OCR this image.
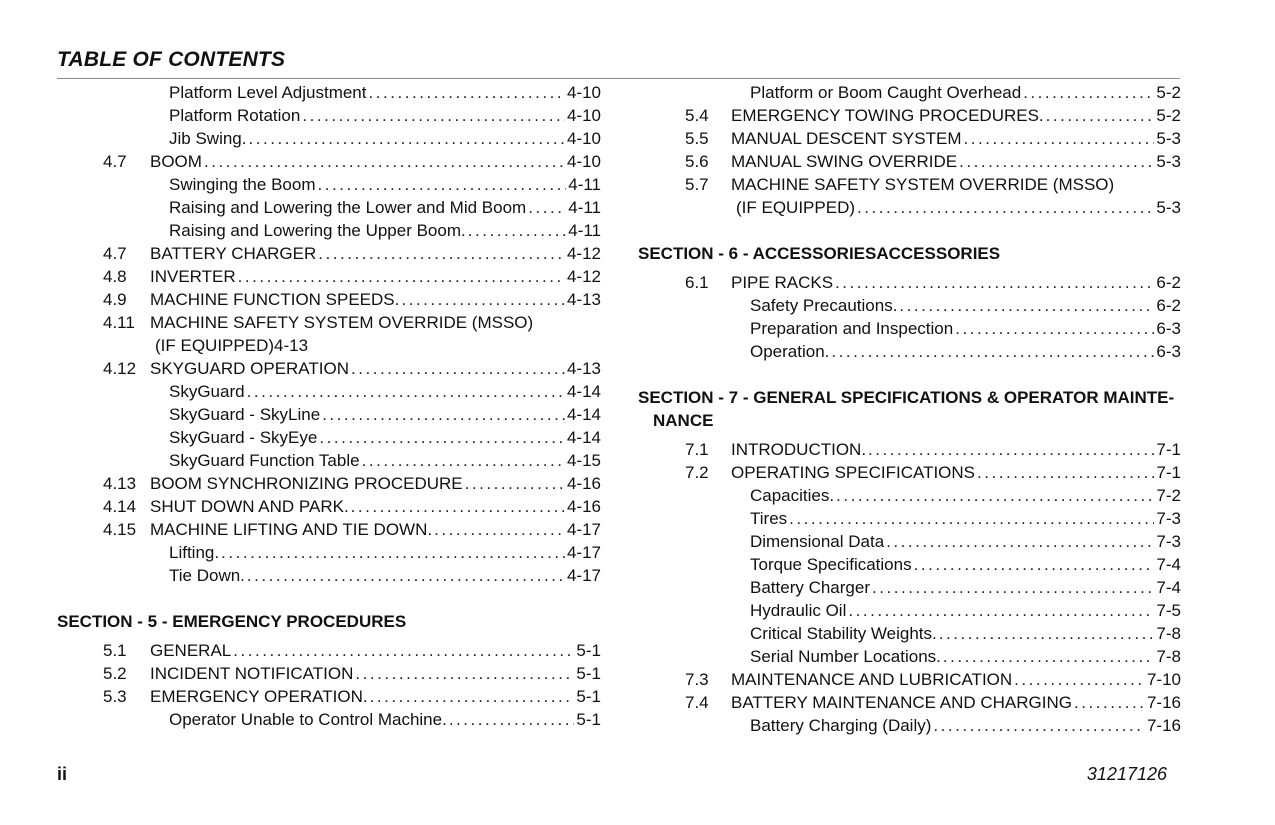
TABLE OF CONTENTS
Platform Level Adjustment . . .	4-10
Platform Rotation . . .	4-10
Jib Swing. . . .	4-10
4.7 BOOM . . .	4-10
Swinging the Boom . . .	4-11
Raising and Lowering the Lower and Mid Boom . . . 4-11
Raising and Lowering the Upper Boom. . . .	4-11
4.7 BATTERY CHARGER . . .	4-12
4.8 INVERTER . . .	4-12
4.9 MACHINE FUNCTION SPEEDS. . . .	4-13
4.11 MACHINE SAFETY SYSTEM OVERRIDE (MSSO)
(IF EQUIPPED)4-13
4.12 SKYGUARD OPERATION . . .	4-13
SkyGuard . . .	4-14
SkyGuard - SkyLine . . .	4-14
SkyGuard - SkyEye . . .	4-14
SkyGuard Function Table . . .	4-15
4.13 BOOM SYNCHRONIZING PROCEDURE . . .	4-16
4.14 SHUT DOWN AND PARK. . . .	4-16
4.15 MACHINE LIFTING AND TIE DOWN. . . .	4-17
Lifting. . . .	4-17
Tie Down. . . .	4-17
SECTION - 5 - EMERGENCY PROCEDURES
5.1 GENERAL . . .	5-1
5.2 INCIDENT NOTIFICATION . . .	5-1
5.3 EMERGENCY OPERATION. . . .	5-1
Operator Unable to Control Machine. . . .	5-1
Platform or Boom Caught Overhead . . .	5-2
5.4 EMERGENCY TOWING PROCEDURES. . . .	5-2
5.5 MANUAL DESCENT SYSTEM . . .	5-3
5.6 MANUAL SWING OVERRIDE . . .	5-3
5.7 MACHINE SAFETY SYSTEM OVERRIDE (MSSO)
(IF EQUIPPED) . . .	5-3
SECTION - 6 - ACCESSORIESACCESSORIES
6.1 PIPE RACKS . . .	6-2
Safety Precautions. . . .	6-2
Preparation and Inspection . . .	6-3
Operation. . . .	6-3
SECTION - 7 - GENERAL SPECIFICATIONS & OPERATOR MAINTE-
NANCE
7.1 INTRODUCTION. . . .	7-1
7.2 OPERATING SPECIFICATIONS . . .	7-1
Capacities. . . .	7-2
Tires . . .	7-3
Dimensional Data . . .	7-3
Torque Specifications . . .	7-4
Battery Charger . . .	7-4
Hydraulic Oil . . .	7-5
Critical Stability Weights. . . .	7-8
Serial Number Locations. . . .	7-8
7.3 MAINTENANCE AND LUBRICATION . . .	7-10
7.4 BATTERY MAINTENANCE AND CHARGING . . .	7-16
Battery Charging (Daily) . . .	7-16
ii	31217126
